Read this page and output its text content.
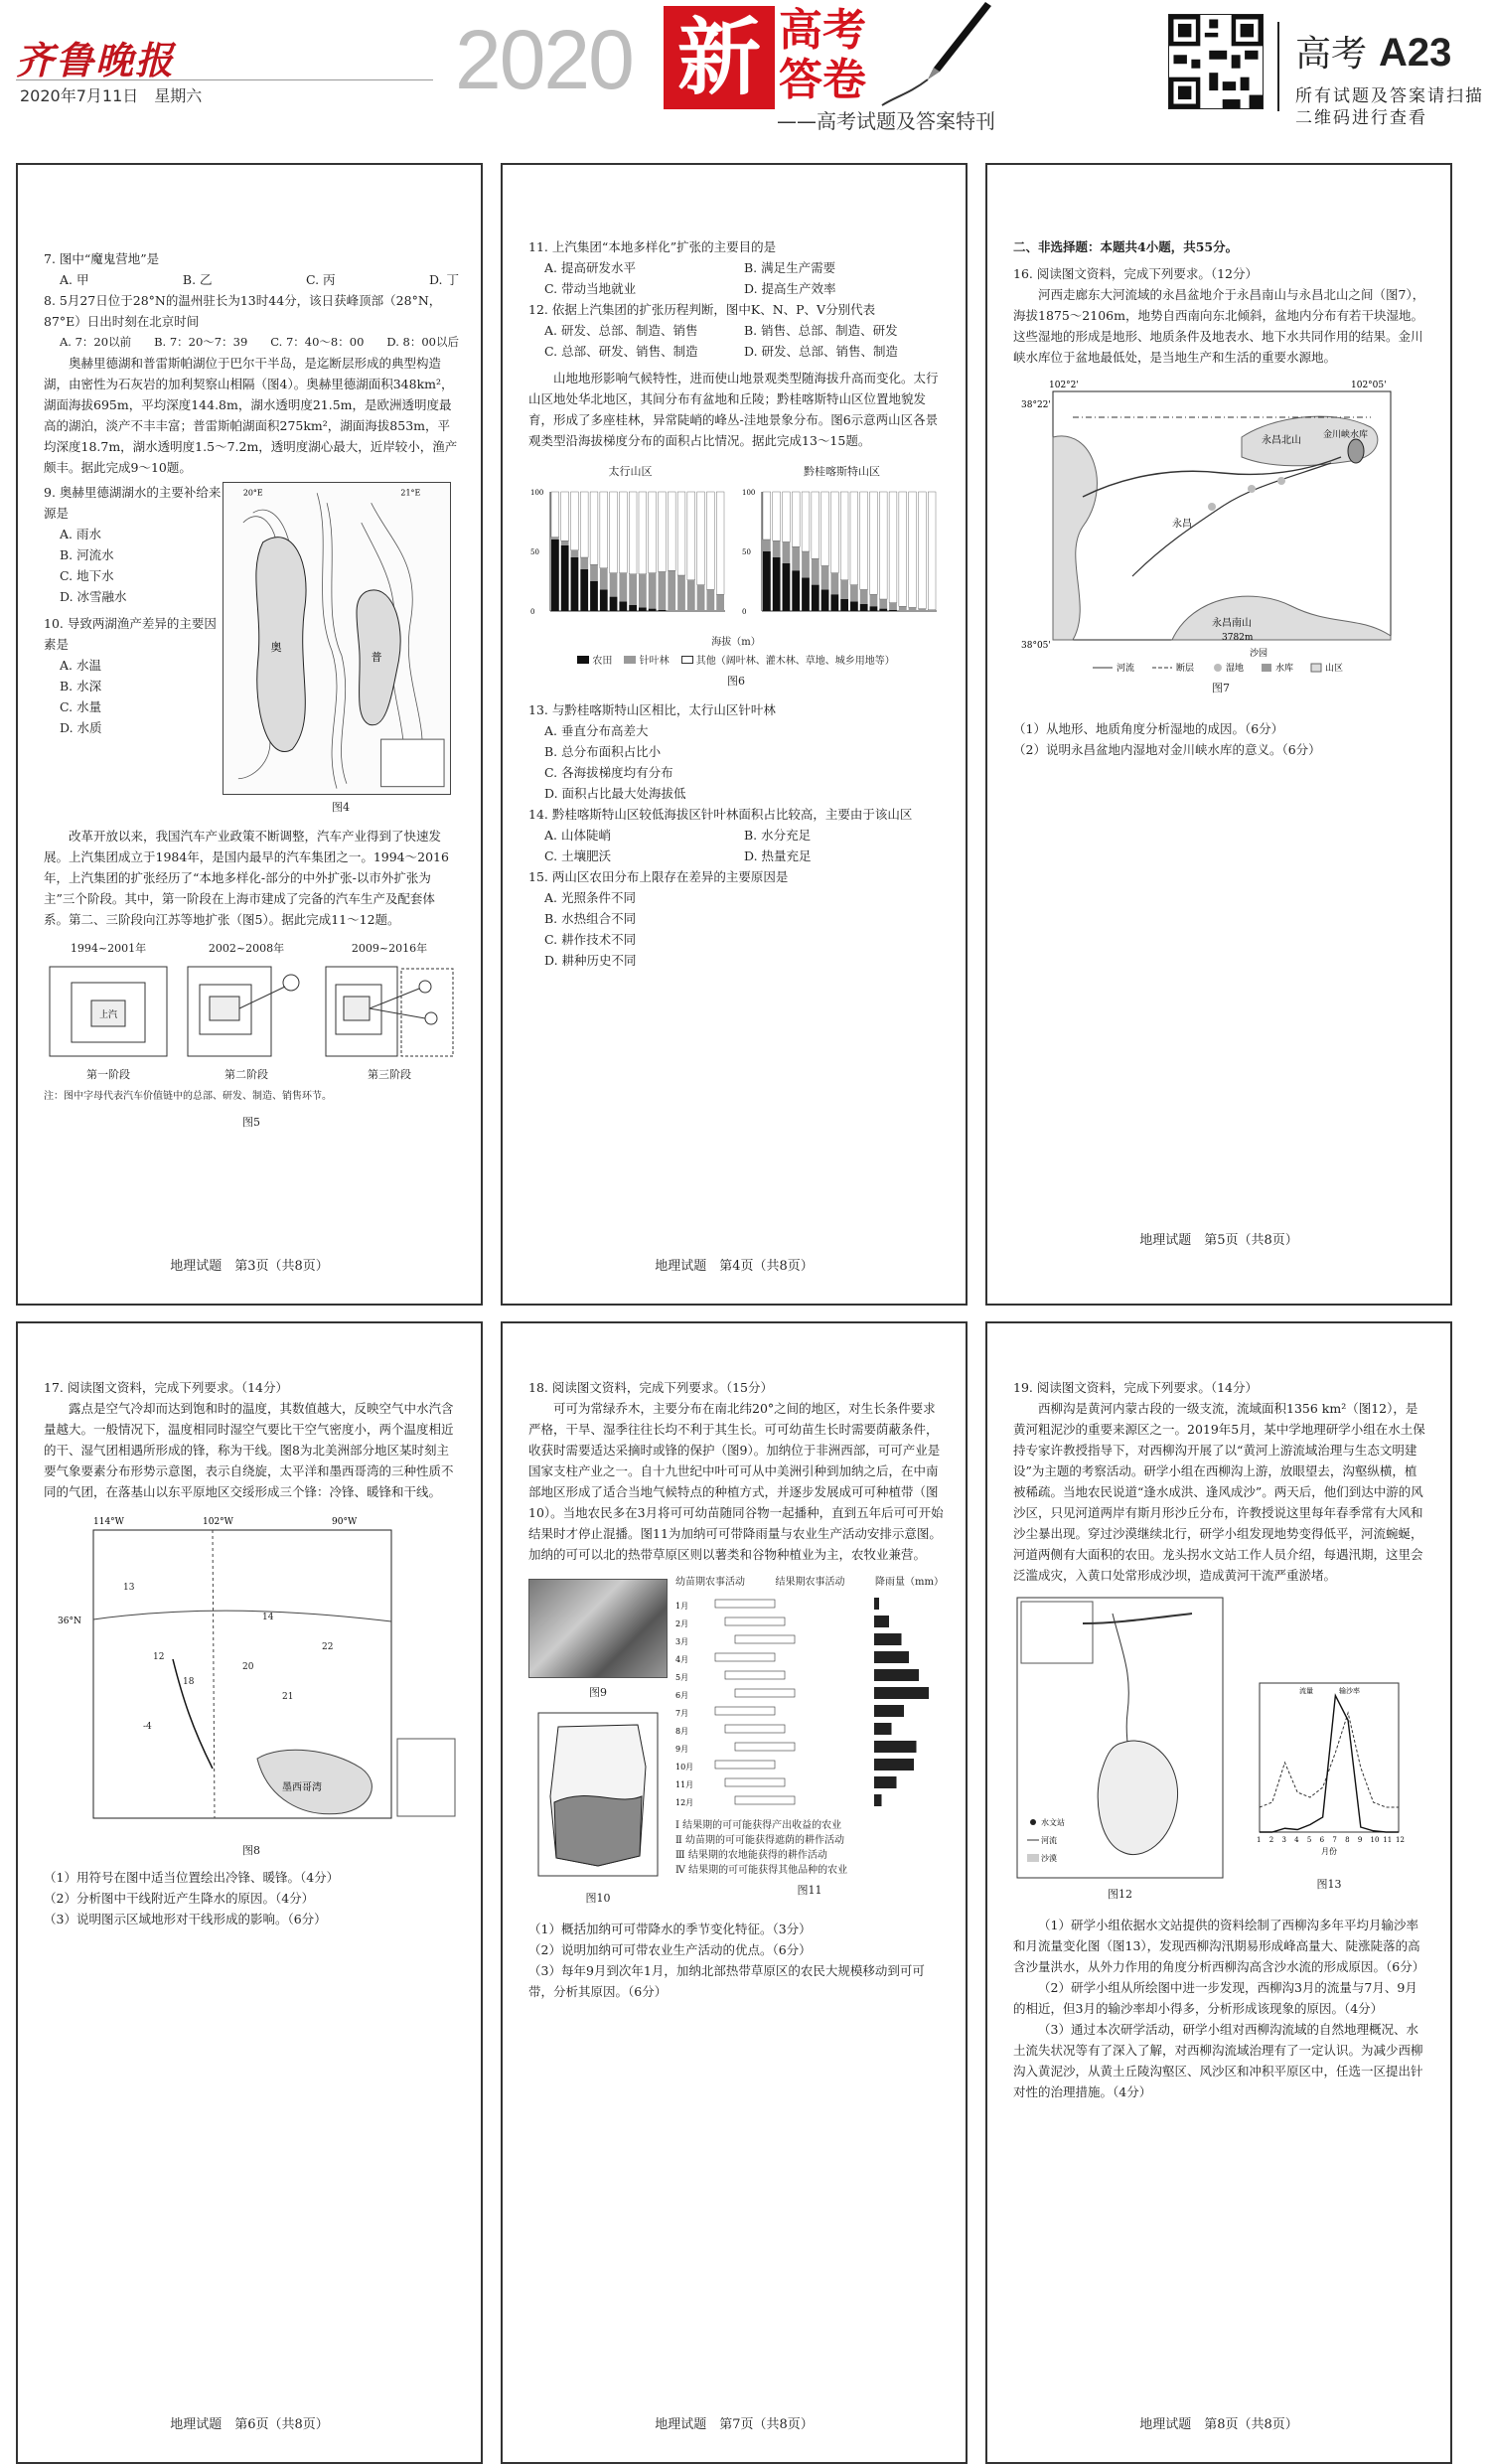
齐鲁晚报
2020年7月11日　星期六	2020 新 高考
答卷
——高考试题及答案特刊
高考 A23
所有试题及答案请扫描二维码进行查看

7. 图中“魔鬼营地”是

A. 甲	B. 乙	C. 丙	D. 丁

8. 5月27日位于28°N的温州驻长为13时44分，该日获峰顶部（28°N，87°E）日出时刻在北京时间

A. 7：20以前 B. 7：20～7：39 C. 7：40～8：00 D. 8：00以后

奥赫里德湖和普雷斯帕湖位于巴尔干半岛，是迄断层形成的典型构造湖，由密性为石灰岩的加利契察山相隔（图4）。奥赫里德湖面积348km²，湖面海拔695m，平均深度144.8m，湖水透明度21.5m，是欧洲透明度最高的湖泊，淡产不丰丰富；普雷斯帕湖面积275km²，湖面海拔853m，平均深度18.7m，湖水透明度1.5～7.2m，透明度湖心最大，近岸较小，渔产颇丰。据此完成9～10题。

9. 奥赫里德湖湖水的主要补给来源是

A. 雨水

B. 河流水

C. 地下水

D. 冰雪融水

10. 导致两湖渔产差异的主要因素是

A. 水温

B. 水深

C. 水量

D. 水质

奥
普
20°E	21°E
图4

改革开放以来，我国汽车产业政策不断调整，汽车产业得到了快速发展。上汽集团成立于1984年，是国内最早的汽车集团之一。1994～2016年，上汽集团的扩张经历了“本地多样化-部分的中外扩张-以市外扩张为主”三个阶段。其中，第一阶段在上海市建成了完备的汽车生产及配套体系。第二、三阶段向江苏等地扩张（图5）。据此完成11～12题。

1994~2001年
上汽
第一阶段
2002~2008年
第二阶段
2009~2016年
第三阶段

注：图中字母代表汽车价值链中的总部、研发、制造、销售环节。

图5
地理试题　第3页（共8页）

11. 上汽集团“本地多样化”扩张的主要目的是

A. 提高研发水平	B. 满足生产需要
C. 带动当地就业	D. 提高生产效率

12. 依据上汽集团的扩张历程判断，图中K、N、P、V分别代表

A. 研发、总部、制造、销售	B. 销售、总部、制造、研发
C. 总部、研发、销售、制造	D. 研发、总部、销售、制造

山地地形影响气候特性，进而使山地景观类型随海拔升高而变化。太行山区地处华北地区，其间分布有盆地和丘陵；黔桂喀斯特山区位置地貌发育，形成了多座桂林，异常陡峭的峰丛-洼地景象分布。图6示意两山区各景观类型沿海拔梯度分布的面积占比情况。据此完成13～15题。

太行山区
0
50
100
黔桂喀斯特山区
0
50
100
海拔（m）
农田	针叶林	其他（阔叶林、灌木林、草地、城乡用地等）
图6

13. 与黔桂喀斯特山区相比，太行山区针叶林

A. 垂直分布高差大

B. 总分布面积占比小

C. 各海拔梯度均有分布

D. 面积占比最大处海拔低

14. 黔桂喀斯特山区较低海拔区针叶林面积占比较高，主要由于该山区

A. 山体陡峭	B. 水分充足
C. 土壤肥沃	D. 热量充足

15. 两山区农田分布上限存在差异的主要原因是

A. 光照条件不同

B. 水热组合不同

C. 耕作技术不同

D. 耕种历史不同

地理试题　第4页（共8页）

二、非选择题：本题共4小题，共55分。

16. 阅读图文资料，完成下列要求。（12分）

河西走廊东大河流域的永昌盆地介于永昌南山与永昌北山之间（图7），海拔1875～2106m，地势自西南向东北倾斜，盆地内分布有若干块湿地。这些湿地的形成是地形、地质条件及地表水、地下水共同作用的结果。金川峡水库位于盆地最低处，是当地生产和生活的重要水源地。

102°2'	102°05'
38°22'
38°05'
永昌北山
永昌南山
金川峡水库
3782m
永昌
沙园
河流	断层	湿地	水库	山区
图7

（1）从地形、地质角度分析湿地的成因。（6分）

（2）说明永昌盆地内湿地对金川峡水库的意义。（6分）

地理试题　第5页（共8页）

17. 阅读图文资料，完成下列要求。（14分）

露点是空气冷却而达到饱和时的温度，其数值越大，反映空气中水汽含量越大。一般情况下，温度相同时湿空气要比干空气密度小，两个温度相近的干、湿气团相遇所形成的锋，称为干线。图8为北美洲部分地区某时刻主要气象要素分布形势示意图，表示自绕旋，太平洋和墨西哥湾的三种性质不同的气团，在落基山以东平原地区交绥形成三个锋：冷锋、暖锋和干线。

13
12
18
20
21
-4
14
22
114°W	102°W	90°W
36°N
墨西哥湾
图8

（1）用符号在图中适当位置绘出冷锋、暖锋。（4分）

（2）分析图中干线附近产生降水的原因。（4分）

（3）说明图示区域地形对干线形成的影响。（6分）

地理试题　第6页（共8页）

18. 阅读图文资料，完成下列要求。（15分）

可可为常绿乔木，主要分布在南北纬20°之间的地区，对生长条件要求严格，干旱、湿季往往长均不利于其生长。可可幼苗生长时需要荫蔽条件，收获时需要适达采摘时或锋的保护（图9）。加纳位于非洲西部，可可产业是国家支柱产业之一。自十九世纪中叶可可从中美洲引种到加纳之后，在中南部地区形成了适合当地气候特点的种植方式，并逐步发展成可可种植带（图10）。当地农民多在3月将可可幼苗随同谷物一起播种，直到五年后可可开始结果时才停止混播。图11为加纳可可带降雨量与农业生产活动安排示意图。加纳的可可以北的热带草原区则以薯类和谷物种植业为主，农牧业兼营。

图9
图10
幼苗期农事活动	结果期农事活动	降雨量（mm）
1月
2月
3月
4月
5月
6月
7月
8月
9月
10月
11月
12月
Ⅰ 结果期的可可能获得产出收益的农业
Ⅱ 幼苗期的可可能获得遮荫的耕作活动
Ⅲ 结果期的农地能获得的耕作活动
Ⅳ 结果期的可可能获得其他品种的农业
图11

（1）概括加纳可可带降水的季节变化特征。（3分）

（2）说明加纳可可带农业生产活动的优点。（6分）

（3）每年9月到次年1月，加纳北部热带草原区的农民大规模移动到可可带，分析其原因。（6分）

地理试题　第7页（共8页）

19. 阅读图文资料，完成下列要求。（14分）

西柳沟是黄河内蒙古段的一级支流，流域面积1356 km²（图12），是黄河粗泥沙的重要来源区之一。2019年5月，某中学地理研学小组在水土保持专家许教授指导下，对西柳沟开展了以“黄河上游流域治理与生态文明建设”为主题的考察活动。研学小组在西柳沟上游，放眼望去，沟壑纵横，植被稀疏。当地农民说道“逢水成洪、逢风成沙”。两天后，他们到达中游的风沙区，只见河道两岸有斯月形沙丘分布，许教授说这里每年春季常有大风和沙尘暴出现。穿过沙漠继续北行，研学小组发现地势变得低平，河流蜿蜒，河道两侧有大面积的农田。龙头拐水文站工作人员介绍，每遇汛期，这里会泛滥成灾，入黄口处常形成沙坝，造成黄河干流严重淤堵。

水文站
河流
沙漠
图12
1 2 3 4 5 6 7 8 9 10 11 12
月份
流量	输沙率
图13

（1）研学小组依据水文站提供的资料绘制了西柳沟多年平均月输沙率和月流量变化图（图13），发现西柳沟汛期易形成峰高量大、陡涨陡落的高含沙量洪水，从外力作用的角度分析西柳沟高含沙水流的形成原因。（6分）

（2）研学小组从所绘图中进一步发现，西柳沟3月的流量与7月、9月的相近，但3月的输沙率却小得多，分析形成该现象的原因。（4分）

（3）通过本次研学活动，研学小组对西柳沟流域的自然地理概况、水土流失状况等有了深入了解，对西柳沟流域治理有了一定认识。为减少西柳沟入黄泥沙，从黄土丘陵沟壑区、风沙区和冲积平原区中，任选一区提出针对性的治理措施。（4分）

地理试题　第8页（共8页）
